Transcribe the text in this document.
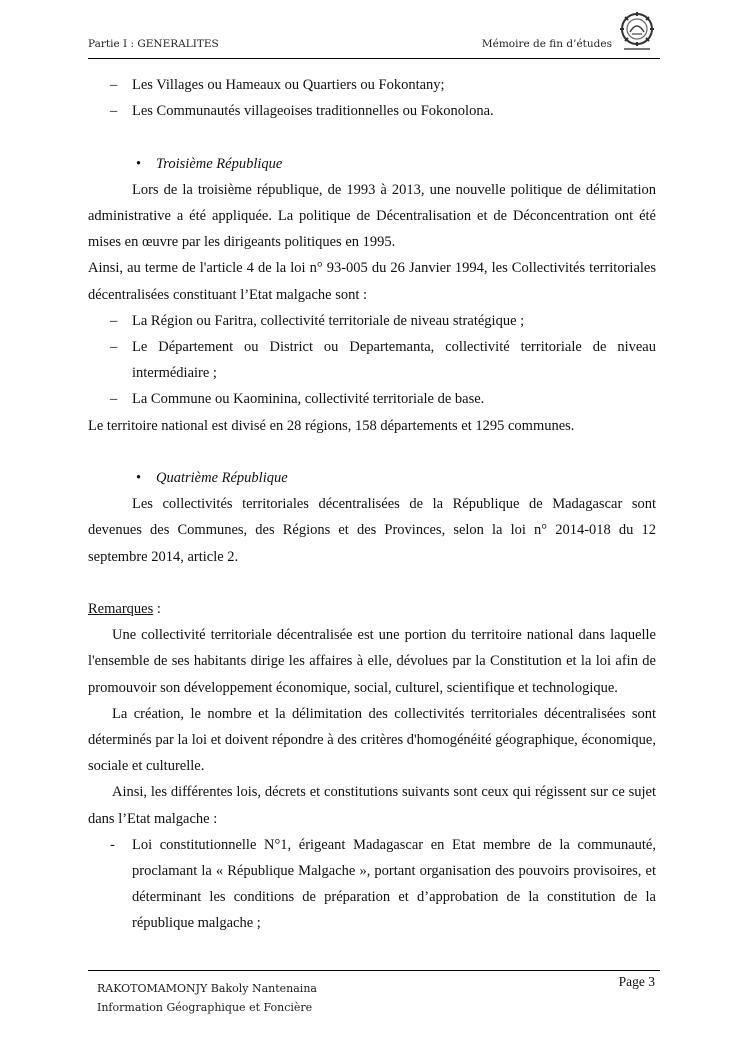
Partie I : GENERALITES	Mémoire de fin d’études
– Les Villages ou Hameaux ou Quartiers ou Fokontany;
– Les Communautés villageoises traditionnelles ou Fokonolona.
• Troisième République

Lors de la troisième république, de 1993 à 2013, une nouvelle politique de délimitation administrative a été appliquée. La politique de Décentralisation et de Déconcentration ont été mises en œuvre par les dirigeants politiques en 1995.

Ainsi, au terme de l'article 4 de la loi n° 93-005 du 26 Janvier 1994, les Collectivités territoriales décentralisées constituant l’Etat malgache sont :

– La Région ou Faritra, collectivité territoriale de niveau stratégique ;
– Le Département ou District ou Departemanta, collectivité territoriale de niveau intermédiaire ;
– La Commune ou Kaominina, collectivité territoriale de base.

Le territoire national est divisé en 28 régions, 158 départements et 1295 communes.

• Quatrième République

Les collectivités territoriales décentralisées de la République de Madagascar sont devenues des Communes, des Régions et des Provinces, selon la loi n° 2014-018 du 12 septembre 2014, article 2.

Remarques :

Une collectivité territoriale décentralisée est une portion du territoire national dans laquelle l'ensemble de ses habitants dirige les affaires à elle, dévolues par la Constitution et la loi afin de promouvoir son développement économique, social, culturel, scientifique et technologique.

La création, le nombre et la délimitation des collectivités territoriales décentralisées sont déterminés par la loi et doivent répondre à des critères d'homogénéité géographique, économique, sociale et culturelle.

Ainsi, les différentes lois, décrets et constitutions suivants sont ceux qui régissent sur ce sujet dans l’Etat malgache :

- Loi constitutionnelle N°1, érigeant Madagascar en Etat membre de la communauté, proclamant la « République Malgache », portant organisation des pouvoirs provisoires, et déterminant les conditions de préparation et d’approbation de la constitution de la république malgache ;
RAKOTOMAMONJY Bakoly Nantenaina
Information Géographique et Foncière
Page 3
